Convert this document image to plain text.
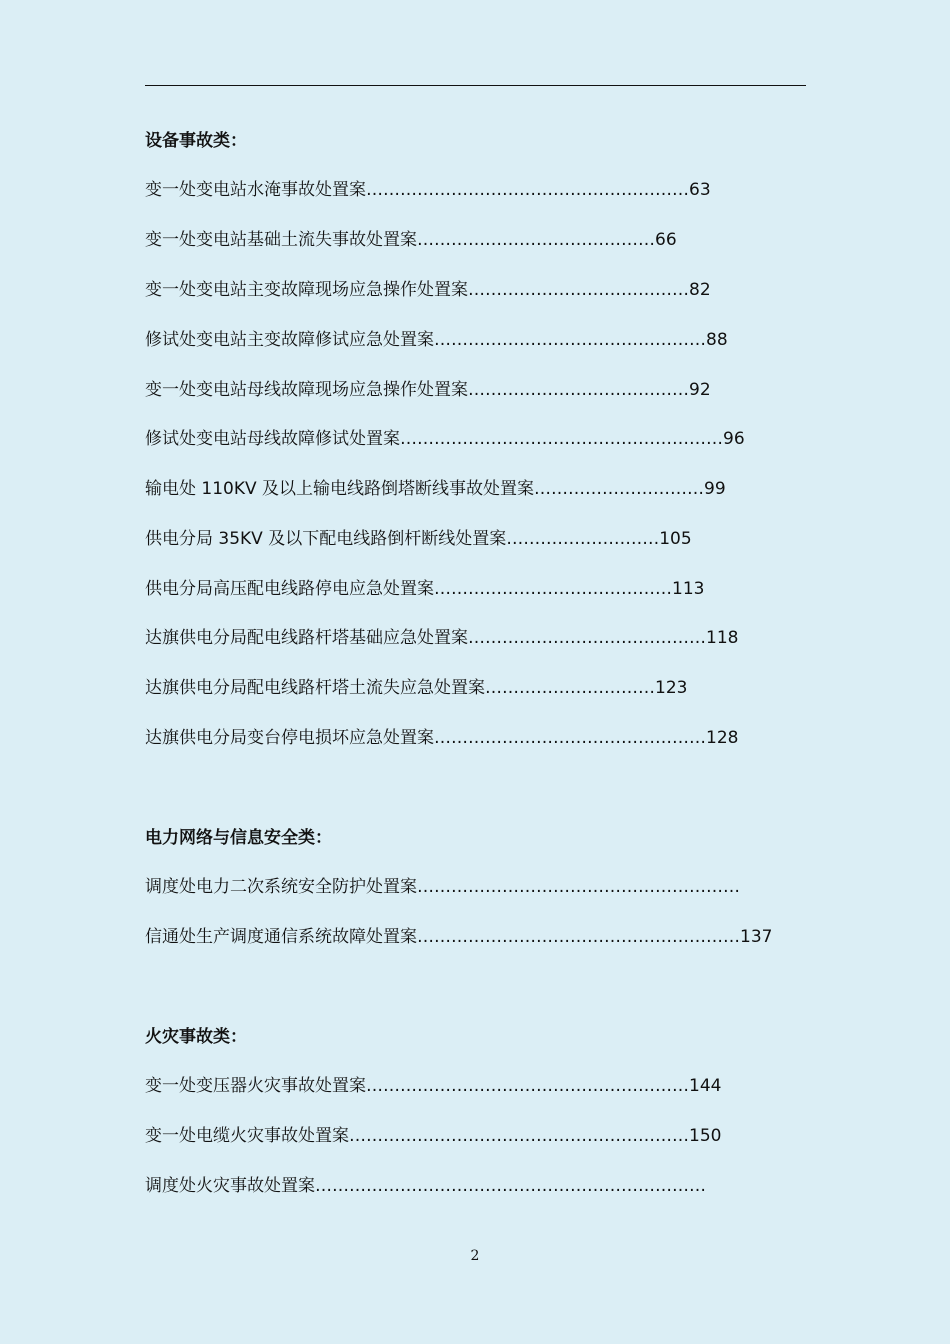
设备事故类：
变一处变电站水淹事故处置案…………………………………………………63
变一处变电站基础土流失事故处置案……………………………………66
变一处变电站主变故障现场应急操作处置案…………………………………82
修试处变电站主变故障修试应急处置案…………………………………………88
变一处变电站母线故障现场应急操作处置案…………………………………92
修试处变电站母线故障修试处置案…………………………………………………96
输电处 110KV 及以上输电线路倒塔断线事故处置案…………………………99
供电分局 35KV 及以下配电线路倒杆断线处置案………………………105
供电分局高压配电线路停电应急处置案……………………………………113
达旗供电分局配电线路杆塔基础应急处置案……………………………………118
达旗供电分局配电线路杆塔土流失应急处置案…………………………123
达旗供电分局变台停电损坏应急处置案…………………………………………128
电力网络与信息安全类：
调度处电力二次系统安全防护处置案…………………………………………………
信通处生产调度通信系统故障处置案…………………………………………………137
火灾事故类：
变一处变压器火灾事故处置案…………………………………………………144
变一处电缆火灾事故处置案……………………………………………………150
调度处火灾事故处置案……………………………………………………………
2
